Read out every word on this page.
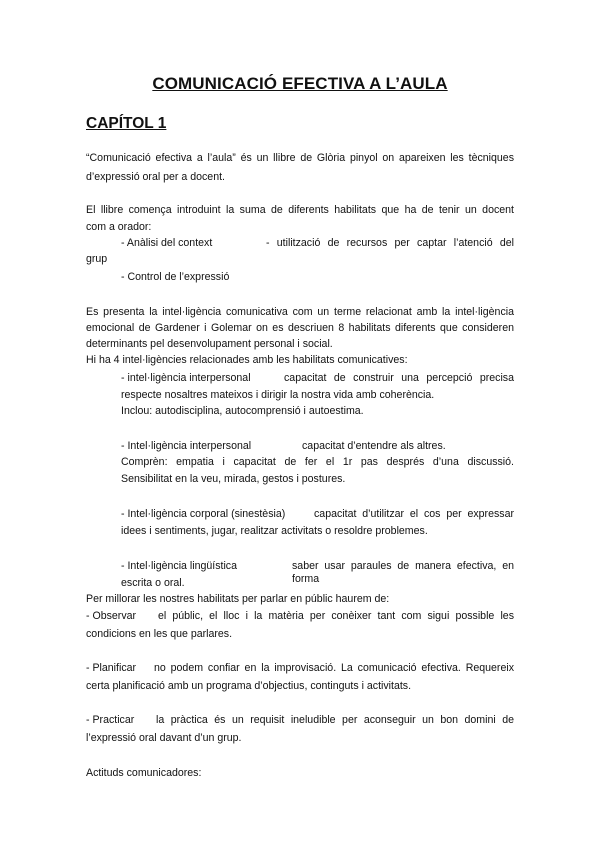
COMUNICACIÓ EFECTIVA A L’AULA
CAPÍTOL 1
“Comunicació efectiva a l’aula” és un llibre de Glòria pinyol on apareixen les tècniques
d’expressió oral per a docent.
El llibre comença introduint la suma de diferents habilitats que ha de tenir un docent
com a orador:
- Anàlisi del context	- utilització de recursos per captar l’atenció del
grup
- Control de l’expressió
Es presenta la intel·ligència comunicativa com un terme relacionat amb la intel·ligència
emocional de Gardener i Golemar on es descriuen 8 habilitats diferents que consideren
determinants pel desenvolupament personal i social.
Hi ha 4 intel·ligències relacionades amb les habilitats comunicatives:
- intel·ligència interpersonal	capacitat de construir una percepció precisa
respecte nosaltres mateixos i dirigir la nostra vida amb coherència.
Inclou: autodisciplina, autocomprensió i autoestima.
- Intel·ligència interpersonal	capacitat d’entendre als altres.
Comprèn: empatia i capacitat de fer el 1r pas després d’una discussió.
Sensibilitat en la veu, mirada, gestos i postures.
- Intel·ligència corporal (sinestèsia)	capacitat d’utilitzar el cos per expressar
idees i sentiments, jugar, realitzar activitats o resoldre problemes.
- Intel·ligència lingüística	saber usar paraules de manera efectiva, en forma
escrita o oral.
Per millorar les nostres habilitats per parlar en públic haurem de:
- Observar el públic, el lloc i la matèria per conèixer tant com sigui possible les
condicions en les que parlares.
- Planificar no podem confiar en la improvisació. La comunicació efectiva. Requereix
certa planificació amb un programa d’objectius, continguts i activitats.
- Practicar la pràctica és un requisit ineludible per aconseguir un bon domini de
l’expressió oral davant d’un grup.
Actituds comunicadores:
